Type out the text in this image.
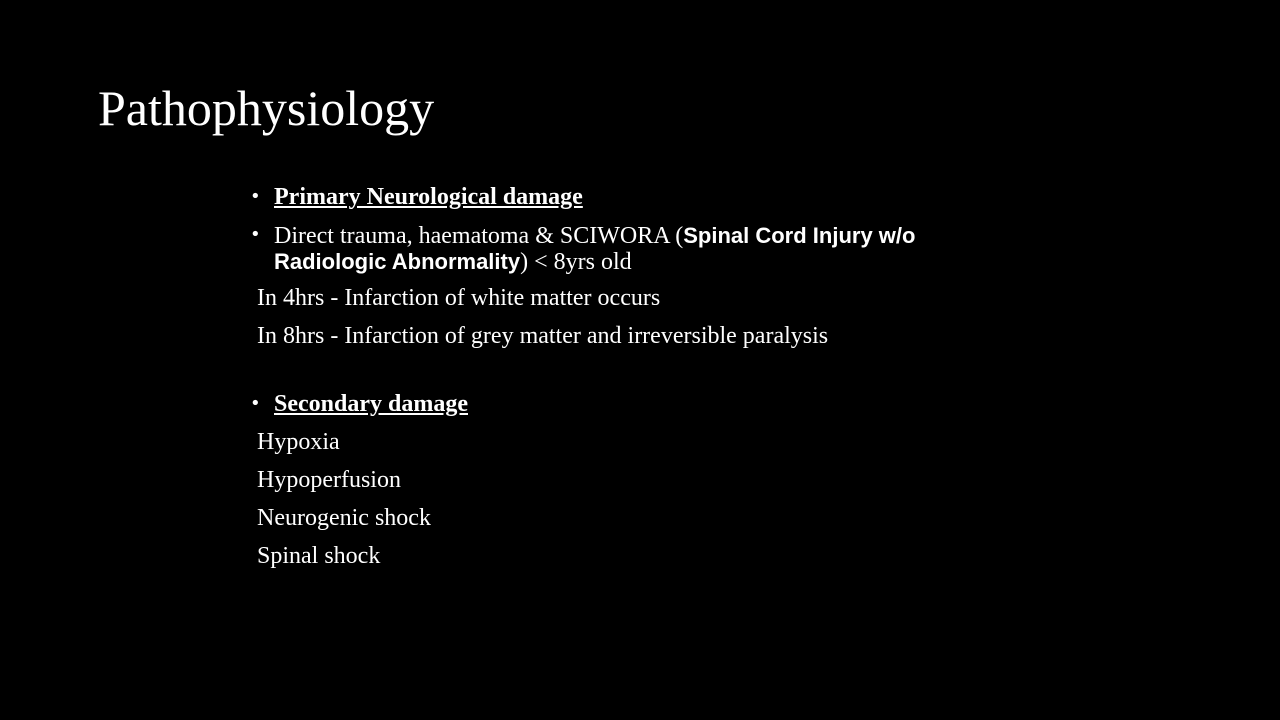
Pathophysiology
• Primary Neurological damage
• Direct trauma, haematoma & SCIWORA (Spinal Cord Injury w/o Radiologic Abnormality) < 8yrs old
In 4hrs - Infarction of white matter occurs
In 8hrs - Infarction of grey matter and irreversible paralysis
• Secondary damage
Hypoxia
Hypoperfusion
Neurogenic shock
Spinal shock
